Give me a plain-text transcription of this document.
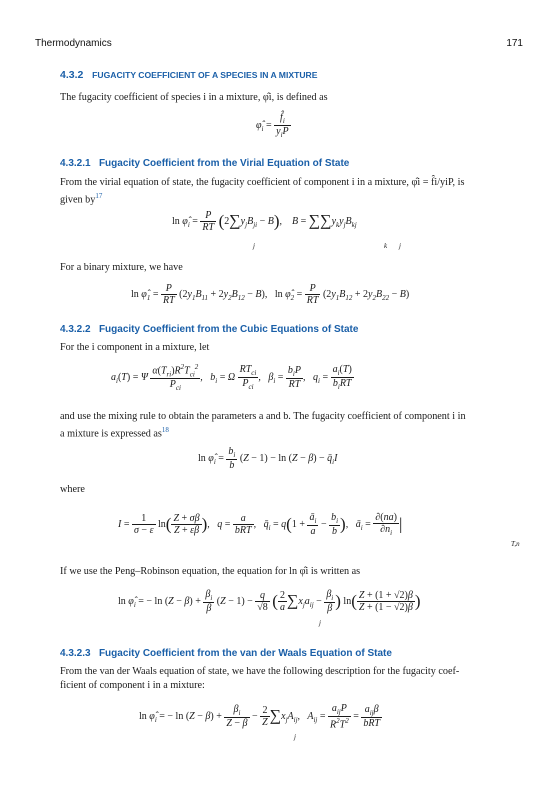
Thermodynamics	171
4.3.2 FUGACITY COEFFICIENT OF A SPECIES IN A MIXTURE
The fugacity coefficient of species i in a mixture, φ̂i, is defined as
$\varphî_i = \frac{f̂_i}{y_iP}$
4.3.2.1 Fugacity Coefficient from the Virial Equation of State
From the virial equation of state, the fugacity coefficient of component i in a mixture, φ̂i = f̂i/yiP, is
given $by^{17}$
$\ln \varphî_i = \frac{P}{RT} (2\sum y_jB_{ji} - B)$,    $B = \sum\sum y_ky_jB_{kj}$
j	k j
For a binary mixture, we have
$\ln \varphî_1 = \frac{P}{RT} (2y_1B_{11} + 2y_2B_{12} - B)$, $\ln \varphî_2 = \frac{P}{RT} (2y_1B_{12} + 2y_2B_{22} - B)$
4.3.2.2 Fugacity Coefficient from the Cubic Equations of State
For the i component in a mixture, let
$a_i(T) = \Psi \frac{\alpha(T_{ri})R^2T_{ci}^2}{P_{ci}}$ ,   $b_i = \Omega \frac{RT_{ci}}{P_{ci}}$ ,   $\beta_i = \frac{b_iP}{RT}$ ,   $q_i = \frac{a_i(T)}{b_iRT}$
and use the mixing rule to obtain the parameters a and b. The fugacity coefficient of component i in
a mixture is expressed $as^{18}$
$\ln \varphî_i = \frac{b_i}{b} (Z - 1) - \ln (Z - \beta)$ − $q̄_iI$
where
$I = \frac{1}{\sigma - \varepsilon} \ln( \frac{Z + \sigma\beta}{Z + \varepsilon\beta}$ ),   $q = \frac{a}{\text{bRT}}$ ,   $q̄_i = q(1 + \frac{ā_i}{a} - \frac{b_i}{b}$ ),   $ā_i = \frac{\partial(na)}{\partial n_i}$ |
T,n
If we use the Peng–Robinson equation, the equation for ln φ̂i is written as
$\ln \varphî_i$ = − $\ln (Z - \beta) + \frac{\beta_i}{\beta} (Z - 1) - \frac{q}{√8}$ ( $\frac{2}{a} \sum x_ja_{ij} - \frac{\beta_i}{\beta}$ ) $\ln( \frac{Z + (1 + √2)\beta}{Z + (1 - √2)\beta}$ )
j
4.3.2.3 Fugacity Coefficient from the van der Waals Equation of State
From the van der Waals equation of state, we have the following description for the fugacity coef-
ficient of component i in a mixture:
$\ln \varphî_i$ = − $\ln (Z - \beta) + \frac{\beta_i}{Z - \beta} - \frac{2}{Z} \sum x_jA_{ij}$,   $A_{ij} = \frac{a_{ij}P}{R^2T^2} = \frac{a_{ij}\beta}{\text{bRT}}$
j
